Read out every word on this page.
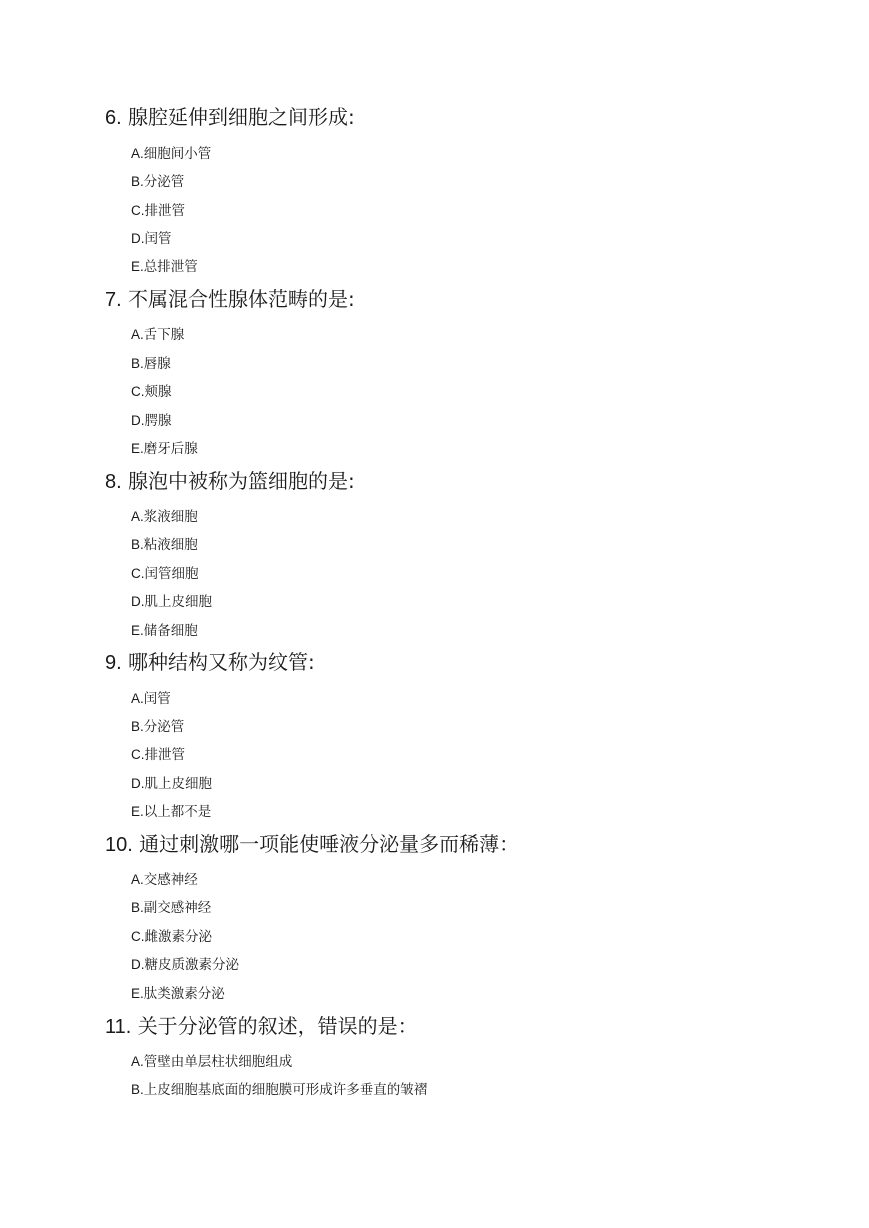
6. 腺腔延伸到细胞之间形成:
A.细胞间小管
B.分泌管
C.排泄管
D.闰管
E.总排泄管
7. 不属混合性腺体范畴的是:
A.舌下腺
B.唇腺
C.颊腺
D.腭腺
E.磨牙后腺
8. 腺泡中被称为篮细胞的是:
A.浆液细胞
B.粘液细胞
C.闰管细胞
D.肌上皮细胞
E.储备细胞
9. 哪种结构又称为纹管:
A.闰管
B.分泌管
C.排泄管
D.肌上皮细胞
E.以上都不是
10. 通过刺激哪一项能使唾液分泌量多而稀薄：
A.交感神经
B.副交感神经
C.雌激素分泌
D.糖皮质激素分泌
E.肽类激素分泌
11. 关于分泌管的叙述，错误的是：
A.管壁由单层柱状细胞组成
B.上皮细胞基底面的细胞膜可形成许多垂直的皱褶
